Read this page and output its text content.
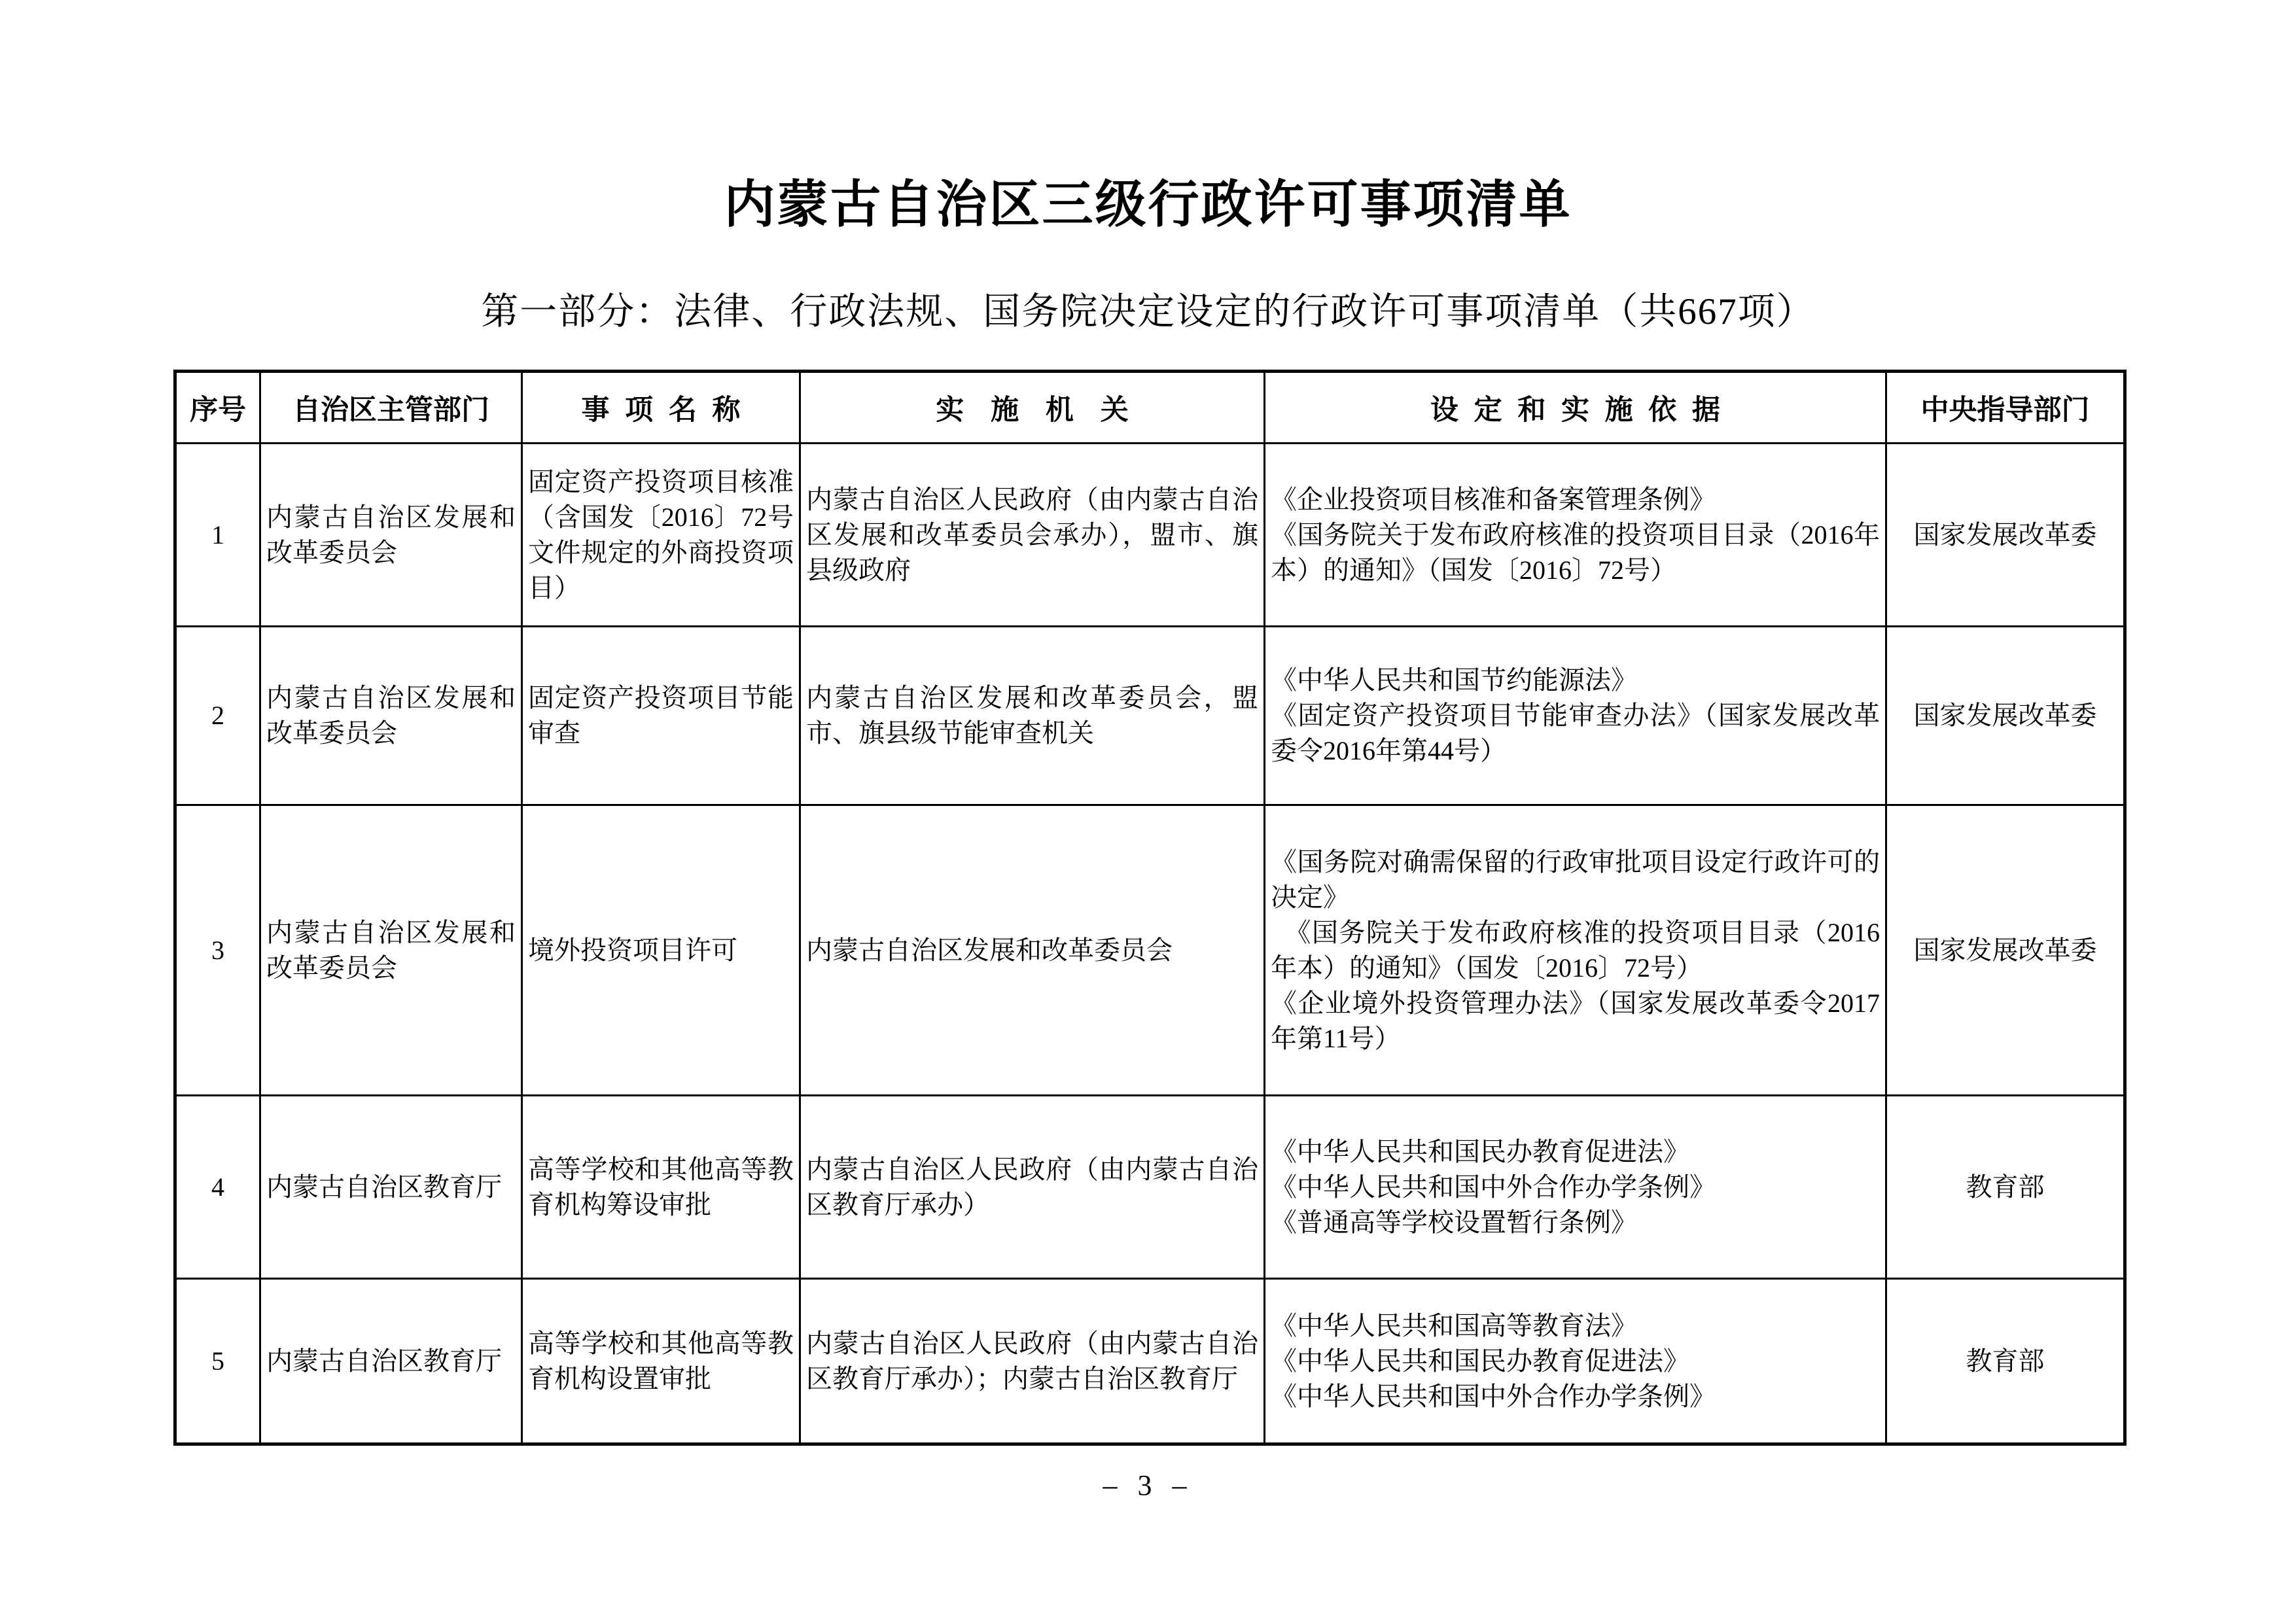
内蒙古自治区三级行政许可事项清单
第一部分：法律、行政法规、国务院决定设定的行政许可事项清单（共667项）
序号	自治区主管部门	事项名称	实施机关	设定和实施依据	中央指导部门
1	内蒙古自治区发展和改革委员会	固定资产投资项目核准（含国发〔2016〕72号文件规定的外商投资项目）	内蒙古自治区人民政府（由内蒙古自治区发展和改革委员会承办），盟市、旗县级政府	《企业投资项目核准和备案管理条例》
《国务院关于发布政府核准的投资项目目录（2016年本）的通知》（国发〔2016〕72号）	国家发展改革委
2	内蒙古自治区发展和改革委员会	固定资产投资项目节能审查	内蒙古自治区发展和改革委员会，盟市、旗县级节能审查机关	《中华人民共和国节约能源法》
《固定资产投资项目节能审查办法》（国家发展改革委令2016年第44号）	国家发展改革委
3	内蒙古自治区发展和改革委员会	境外投资项目许可	内蒙古自治区发展和改革委员会	《国务院对确需保留的行政审批项目设定行政许可的决定》
　《国务院关于发布政府核准的投资项目目录（2016年本）的通知》（国发〔2016〕72号）
《企业境外投资管理办法》（国家发展改革委令2017年第11号）	国家发展改革委
4	内蒙古自治区教育厅	高等学校和其他高等教育机构筹设审批	内蒙古自治区人民政府（由内蒙古自治区教育厅承办）	《中华人民共和国民办教育促进法》
《中华人民共和国中外合作办学条例》
《普通高等学校设置暂行条例》	教育部
5	内蒙古自治区教育厅	高等学校和其他高等教育机构设置审批	内蒙古自治区人民政府（由内蒙古自治区教育厅承办）；内蒙古自治区教育厅	《中华人民共和国高等教育法》
《中华人民共和国民办教育促进法》
《中华人民共和国中外合作办学条例》	教育部
– 3 –
